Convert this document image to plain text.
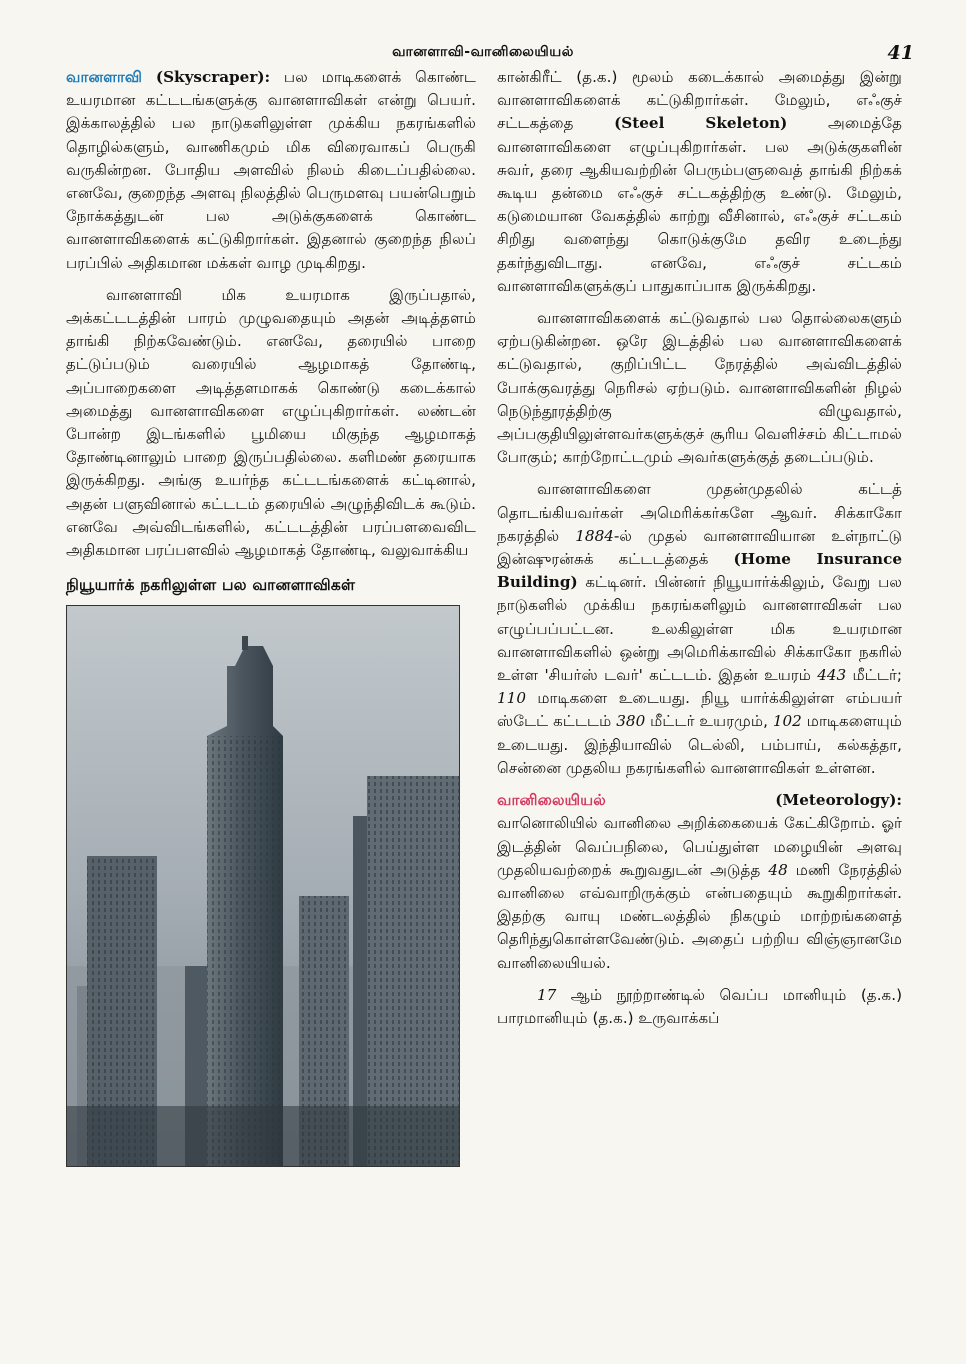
வானளாவி-வானிலையியல்	41

வானளாவி (Skyscraper): பல மாடிகளைக் கொண்ட உயரமான கட்டடங்களுக்கு வானளாவிகள் என்று பெயர். இக்காலத்தில் பல நாடுகளிலுள்ள முக்கிய நகரங்களில் தொழில்களும், வாணிகமும் மிக விரைவாகப் பெருகி வருகின்றன. போதிய அளவில் நிலம் கிடைப்பதில்லை. எனவே, குறைந்த அளவு நிலத்தில் பெருமளவு பயன்பெறும் நோக்கத்துடன் பல அடுக்குகளைக் கொண்ட வானளாவிகளைக் கட்டுகிறார்கள். இதனால் குறைந்த நிலப் பரப்பில் அதிகமான மக்கள் வாழ முடிகிறது.

வானளாவி மிக உயரமாக இருப்பதால், அக்கட்டடத்தின் பாரம் முழுவதையும் அதன் அடித்தளம் தாங்கி நிற்கவேண்டும். எனவே, தரையில் பாறை தட்டுப்படும் வரையில் ஆழமாகத் தோண்டி, அப்பாறைகளை அடித்தளமாகக் கொண்டு கடைக்கால் அமைத்து வானளாவிகளை எழுப்புகிறார்கள். லண்டன் போன்ற இடங்களில் பூமியை மிகுந்த ஆழமாகத் தோண்டினாலும் பாறை இருப்பதில்லை. களிமண் தரையாக இருக்கிறது. அங்கு உயர்ந்த கட்டடங்களைக் கட்டினால், அதன் பளுவினால் கட்டடம் தரையில் அழுந்திவிடக் கூடும். எனவே அவ்விடங்களில், கட்டடத்தின் பரப்பளவைவிட அதிகமான பரப்பளவில் ஆழமாகத் தோண்டி, வலுவாக்கிய

நியூயார்க் நகரிலுள்ள பல வானளாவிகள்

கான்கிரீட் (த.க.) மூலம் கடைக்கால் அமைத்து இன்று வானளாவிகளைக் கட்டுகிறார்கள். மேலும், எஃகுச் சட்டகத்தை	(Steel Skeleton)	அமைத்தே வானளாவிகளை எழுப்புகிறார்கள். பல அடுக்குகளின் சுவர், தரை ஆகியவற்றின் பெரும்பளுவைத் தாங்கி நிற்கக் கூடிய தன்மை எஃகுச் சட்டகத்திற்கு உண்டு. மேலும், கடுமையான வேகத்தில் காற்று வீசினால், எஃகுச் சட்டகம் சிறிது வளைந்து கொடுக்குமே தவிர உடைந்து தகர்ந்துவிடாது. எனவே, எஃகுச் சட்டகம் வானளாவிகளுக்குப் பாதுகாப்பாக இருக்கிறது.

வானளாவிகளைக் கட்டுவதால் பல தொல்லைகளும் ஏற்படுகின்றன. ஒரே இடத்தில் பல வானளாவிகளைக் கட்டுவதால், குறிப்பிட்ட நேரத்தில் அவ்விடத்தில் போக்குவரத்து நெரிசல் ஏற்படும். வானளாவிகளின் நிழல் நெடுந்தூரத்திற்கு விழுவதால், அப்பகுதியிலுள்ளவர்களுக்குச் சூரிய வெளிச்சம் கிட்டாமல் போகும்; காற்றோட்டமும் அவர்களுக்குத் தடைப்படும்.

வானளாவிகளை முதன்முதலில் கட்டத் தொடங்கியவர்கள் அமெரிக்கர்களே ஆவர். சிக்காகோ நகரத்தில் 1884-ல் முதல் வானளாவியான உள்நாட்டு இன்ஷுரன்சுக் கட்டடத்தைக் (Home Insurance Building) கட்டினர். பின்னர் நியூயார்க்கிலும், வேறு பல நாடுகளில் முக்கிய நகரங்களிலும் வானளாவிகள் பல எழுப்பப்பட்டன. உலகிலுள்ள மிக உயரமான வானளாவிகளில் ஒன்று அமெரிக்காவில் சிக்காகோ நகரில் உள்ள 'சியர்ஸ் டவர்' கட்டடம். இதன் உயரம் 443 மீட்டர்; 110 மாடிகளை உடையது. நியூ யார்க்கிலுள்ள எம்பயர் ஸ்டேட் கட்டடம் 380 மீட்டர் உயரமும், 102 மாடிகளையும் உடையது. இந்தியாவில் டெல்லி, பம்பாய், கல்கத்தா, சென்னை முதலிய நகரங்களில் வானளாவிகள் உள்ளன.

வானிலையியல்	(Meteorology):

வானொலியில் வானிலை அறிக்கையைக் கேட்கிறோம். ஓர் இடத்தின் வெப்பநிலை, பெய்துள்ள மழையின் அளவு முதலியவற்றைக் கூறுவதுடன் அடுத்த 48 மணி நேரத்தில் வானிலை எவ்வாறிருக்கும் என்பதையும் கூறுகிறார்கள். இதற்கு வாயு மண்டலத்தில் நிகழும் மாற்றங்களைத் தெரிந்துகொள்ளவேண்டும். அதைப் பற்றிய விஞ்ஞானமே வானிலையியல்.

17 ஆம் நூற்றாண்டில் வெப்ப மானியும் (த.க.) பாரமானியும் (த.க.) உருவாக்கப்
